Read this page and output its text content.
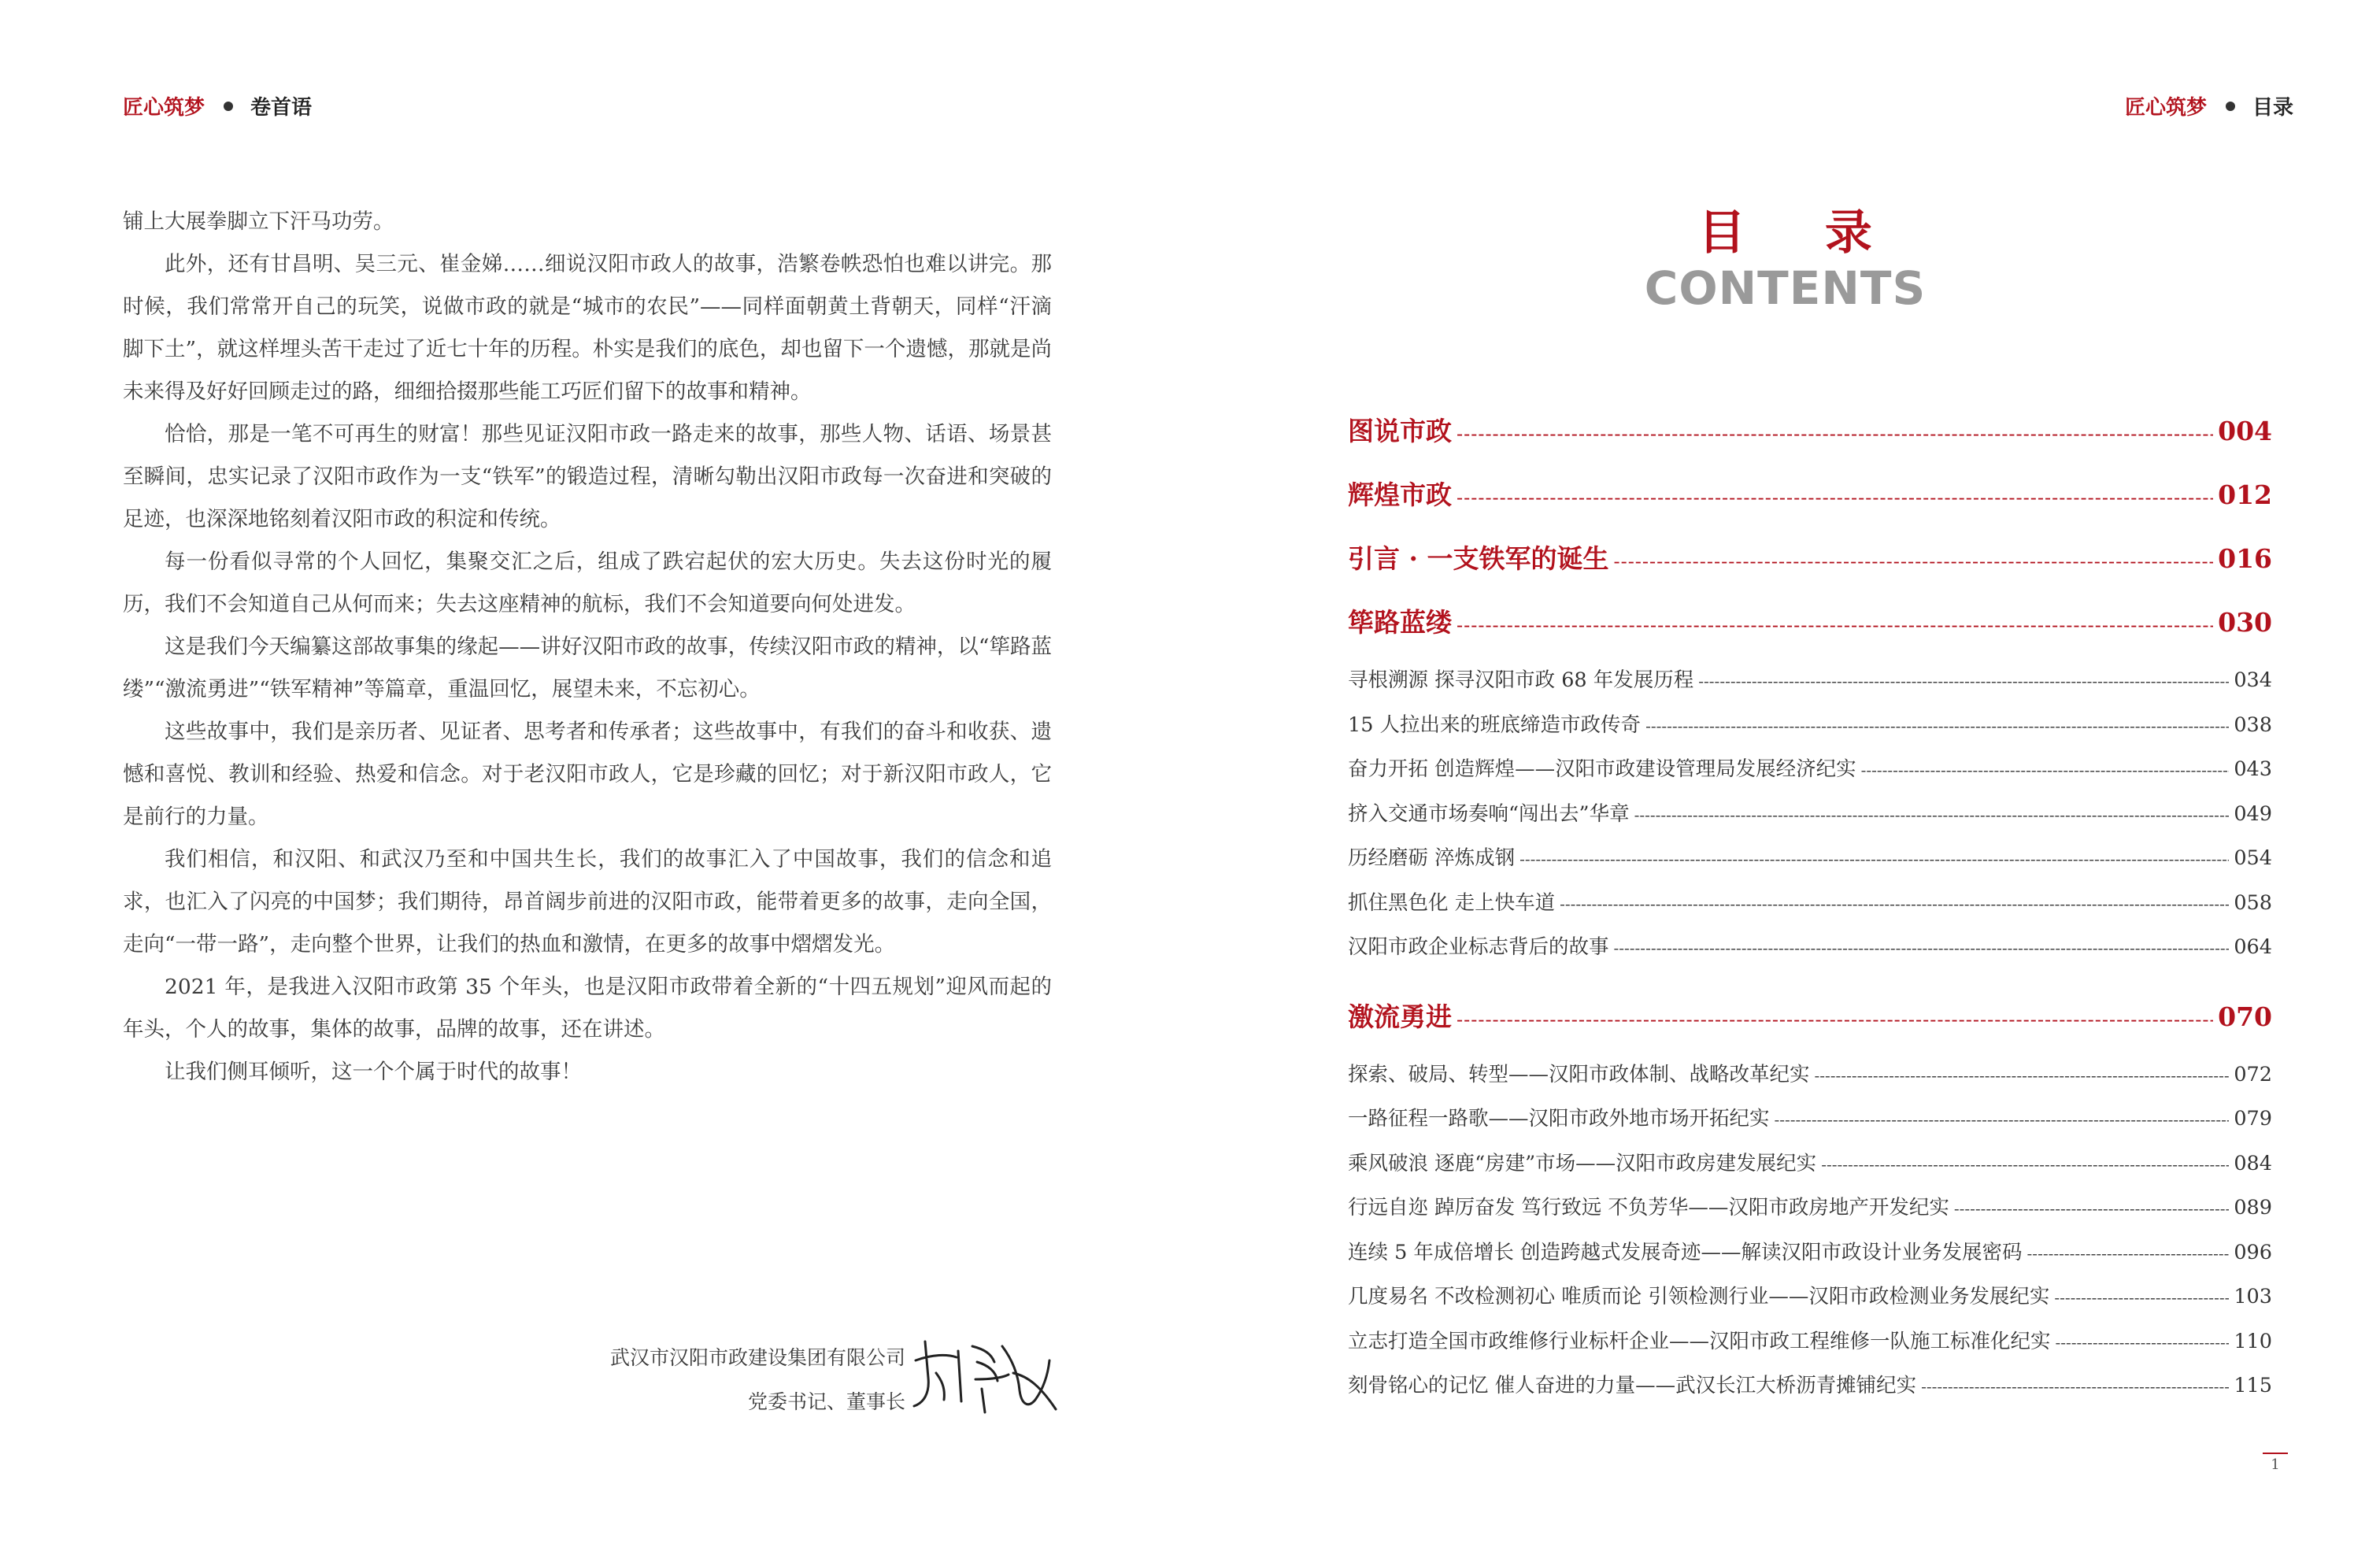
匠心筑梦 卷首语

铺上大展拳脚立下汗马功劳。

此外，还有甘昌明、吴三元、崔金娣……细说汉阳市政人的故事，浩繁卷帙恐怕也难以讲完。那时候，我们常常开自己的玩笑，说做市政的就是“城市的农民”——同样面朝黄土背朝天，同样“汗滴脚下土”，就这样埋头苦干走过了近七十年的历程。朴实是我们的底色，却也留下一个遗憾，那就是尚未来得及好好回顾走过的路，细细拾掇那些能工巧匠们留下的故事和精神。

恰恰，那是一笔不可再生的财富！那些见证汉阳市政一路走来的故事，那些人物、话语、场景甚至瞬间，忠实记录了汉阳市政作为一支“铁军”的锻造过程，清晰勾勒出汉阳市政每一次奋进和突破的足迹，也深深地铭刻着汉阳市政的积淀和传统。

每一份看似寻常的个人回忆，集聚交汇之后，组成了跌宕起伏的宏大历史。失去这份时光的履历，我们不会知道自己从何而来；失去这座精神的航标，我们不会知道要向何处进发。

这是我们今天编纂这部故事集的缘起——讲好汉阳市政的故事，传续汉阳市政的精神，以“筚路蓝缕”“激流勇进”“铁军精神”等篇章，重温回忆，展望未来，不忘初心。

这些故事中，我们是亲历者、见证者、思考者和传承者；这些故事中，有我们的奋斗和收获、遗憾和喜悦、教训和经验、热爱和信念。对于老汉阳市政人，它是珍藏的回忆；对于新汉阳市政人，它是前行的力量。

我们相信，和汉阳、和武汉乃至和中国共生长，我们的故事汇入了中国故事，我们的信念和追求，也汇入了闪亮的中国梦；我们期待，昂首阔步前进的汉阳市政，能带着更多的故事，走向全国，走向“一带一路”，走向整个世界，让我们的热血和激情，在更多的故事中熠熠发光。

2021 年，是我进入汉阳市政第 35 个年头，也是汉阳市政带着全新的“十四五规划”迎风而起的年头，个人的故事，集体的故事，品牌的故事，还在讲述。

让我们侧耳倾听，这一个个属于时代的故事！

武汉市汉阳市政建设集团有限公司
党委书记、董事长
匠心筑梦 目录
目 录
CONTENTS
图说市政 -----	004
辉煌市政 -----	012
引言 · 一支铁军的诞生 -----	016
筚路蓝缕 -----	030
寻根溯源 探寻汉阳市政 68 年发展历程 -----	034
15 人拉出来的班底缔造市政传奇 -----	038
奋力开拓 创造辉煌——汉阳市政建设管理局发展经济纪实 -----	043
挤入交通市场奏响“闯出去”华章 -----	049
历经磨砺 淬炼成钢 -----	054
抓住黑色化 走上快车道 -----	058
汉阳市政企业标志背后的故事 -----	064
激流勇进 -----	070
探索、破局、转型——汉阳市政体制、战略改革纪实 -----	072
一路征程一路歌——汉阳市政外地市场开拓纪实 -----	079
乘风破浪 逐鹿“房建”市场——汉阳市政房建发展纪实 -----	084
行远自迩 踔厉奋发 笃行致远 不负芳华——汉阳市政房地产开发纪实 -----	089
连续 5 年成倍增长 创造跨越式发展奇迹——解读汉阳市政设计业务发展密码 -----	096
几度易名 不改检测初心 唯质而论 引领检测行业——汉阳市政检测业务发展纪实 -----	103
立志打造全国市政维修行业标杆企业——汉阳市政工程维修一队施工标准化纪实 -----	110
刻骨铭心的记忆 催人奋进的力量——武汉长江大桥沥青摊铺纪实 -----	115
1
